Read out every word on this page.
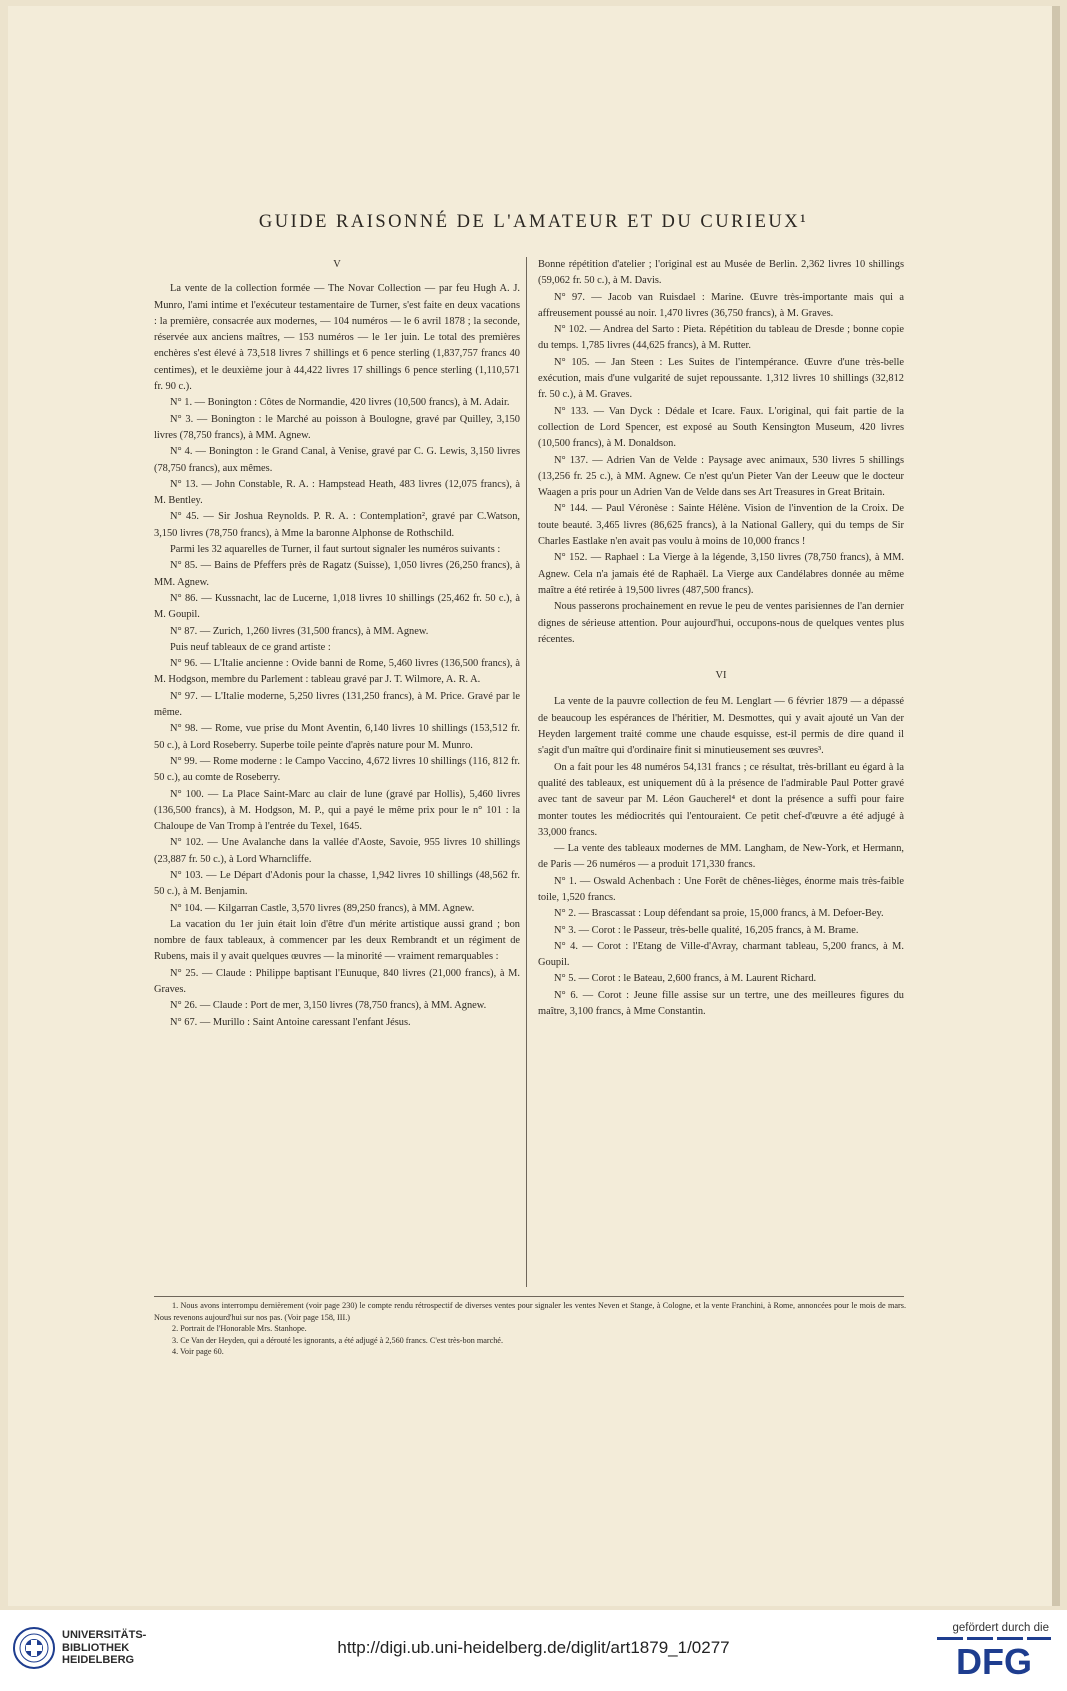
GUIDE RAISONNÉ DE L'AMATEUR ET DU CURIEUX¹

V

La vente de la collection formée — The Novar Collection — par feu Hugh A. J. Munro, l'ami intime et l'exécuteur testamentaire de Turner, s'est faite en deux vacations : la première, consacrée aux modernes, — 104 numéros — le 6 avril 1878 ; la seconde, réservée aux anciens maîtres, — 153 numéros — le 1er juin. Le total des premières enchères s'est élevé à 73,518 livres 7 shillings et 6 pence sterling (1,837,757 francs 40 centimes), et le deuxième jour à 44,422 livres 17 shillings 6 pence sterling (1,110,571 fr. 90 c.).

N° 1. — Bonington : Côtes de Normandie, 420 livres (10,500 francs), à M. Adair.

N° 3. — Bonington : le Marché au poisson à Boulogne, gravé par Quilley, 3,150 livres (78,750 francs), à MM. Agnew.

N° 4. — Bonington : le Grand Canal, à Venise, gravé par C. G. Lewis, 3,150 livres (78,750 francs), aux mêmes.

N° 13. — John Constable, R. A. : Hampstead Heath, 483 livres (12,075 francs), à M. Bentley.

N° 45. — Sir Joshua Reynolds. P. R. A. : Contemplation², gravé par C.Watson, 3,150 livres (78,750 francs), à Mme la baronne Alphonse de Rothschild.

Parmi les 32 aquarelles de Turner, il faut surtout signaler les numéros suivants :

N° 85. — Bains de Pfeffers près de Ragatz (Suisse), 1,050 livres (26,250 francs), à MM. Agnew.

N° 86. — Kussnacht, lac de Lucerne, 1,018 livres 10 shillings (25,462 fr. 50 c.), à M. Goupil.

N° 87. — Zurich, 1,260 livres (31,500 francs), à MM. Agnew.

Puis neuf tableaux de ce grand artiste :

N° 96. — L'Italie ancienne : Ovide banni de Rome, 5,460 livres (136,500 francs), à M. Hodgson, membre du Parlement : tableau gravé par J. T. Wilmore, A. R. A.

N° 97. — L'Italie moderne, 5,250 livres (131,250 francs), à M. Price. Gravé par le même.

N° 98. — Rome, vue prise du Mont Aventin, 6,140 livres 10 shillings (153,512 fr. 50 c.), à Lord Roseberry. Superbe toile peinte d'après nature pour M. Munro.

N° 99. — Rome moderne : le Campo Vaccino, 4,672 livres 10 shillings (116, 812 fr. 50 c.), au comte de Roseberry.

N° 100. — La Place Saint-Marc au clair de lune (gravé par Hollis), 5,460 livres (136,500 francs), à M. Hodgson, M. P., qui a payé le même prix pour le n° 101 : la Chaloupe de Van Tromp à l'entrée du Texel, 1645.

N° 102. — Une Avalanche dans la vallée d'Aoste, Savoie, 955 livres 10 shillings (23,887 fr. 50 c.), à Lord Wharncliffe.

N° 103. — Le Départ d'Adonis pour la chasse, 1,942 livres 10 shillings (48,562 fr. 50 c.), à M. Benjamin.

N° 104. — Kilgarran Castle, 3,570 livres (89,250 francs), à MM. Agnew.

La vacation du 1er juin était loin d'être d'un mérite artistique aussi grand ; bon nombre de faux tableaux, à commencer par les deux Rembrandt et un régiment de Rubens, mais il y avait quelques œuvres — la minorité — vraiment remarquables :

N° 25. — Claude : Philippe baptisant l'Eunuque, 840 livres (21,000 francs), à M. Graves.

N° 26. — Claude : Port de mer, 3,150 livres (78,750 francs), à MM. Agnew.

N° 67. — Murillo : Saint Antoine caressant l'enfant Jésus.

Bonne répétition d'atelier ; l'original est au Musée de Berlin. 2,362 livres 10 shillings (59,062 fr. 50 c.), à M. Davis.

N° 97. — Jacob van Ruisdael : Marine. Œuvre très-importante mais qui a affreusement poussé au noir. 1,470 livres (36,750 francs), à M. Graves.

N° 102. — Andrea del Sarto : Pieta. Répétition du tableau de Dresde ; bonne copie du temps. 1,785 livres (44,625 francs), à M. Rutter.

N° 105. — Jan Steen : Les Suites de l'intempérance. Œuvre d'une très-belle exécution, mais d'une vulgarité de sujet repoussante. 1,312 livres 10 shillings (32,812 fr. 50 c.), à M. Graves.

N° 133. — Van Dyck : Dédale et Icare. Faux. L'original, qui fait partie de la collection de Lord Spencer, est exposé au South Kensington Museum, 420 livres (10,500 francs), à M. Donaldson.

N° 137. — Adrien Van de Velde : Paysage avec animaux, 530 livres 5 shillings (13,256 fr. 25 c.), à MM. Agnew. Ce n'est qu'un Pieter Van der Leeuw que le docteur Waagen a pris pour un Adrien Van de Velde dans ses Art Treasures in Great Britain.

N° 144. — Paul Véronèse : Sainte Hélène. Vision de l'invention de la Croix. De toute beauté. 3,465 livres (86,625 francs), à la National Gallery, qui du temps de Sir Charles Eastlake n'en avait pas voulu à moins de 10,000 francs !

N° 152. — Raphael : La Vierge à la légende, 3,150 livres (78,750 francs), à MM. Agnew. Cela n'a jamais été de Raphaël. La Vierge aux Candélabres donnée au même maître a été retirée à 19,500 livres (487,500 francs).

Nous passerons prochainement en revue le peu de ventes parisiennes de l'an dernier dignes de sérieuse attention. Pour aujourd'hui, occupons-nous de quelques ventes plus récentes.

VI

La vente de la pauvre collection de feu M. Lenglart — 6 février 1879 — a dépassé de beaucoup les espérances de l'héritier, M. Desmottes, qui y avait ajouté un Van der Heyden largement traité comme une chaude esquisse, est-il permis de dire quand il s'agit d'un maître qui d'ordinaire finit si minutieusement ses œuvres³.

On a fait pour les 48 numéros 54,131 francs ; ce résultat, très-brillant eu égard à la qualité des tableaux, est uniquement dû à la présence de l'admirable Paul Potter gravé avec tant de saveur par M. Léon Gaucherel⁴ et dont la présence a suffi pour faire monter toutes les médiocrités qui l'entouraient. Ce petit chef-d'œuvre a été adjugé à 33,000 francs.

— La vente des tableaux modernes de MM. Langham, de New-York, et Hermann, de Paris — 26 numéros — a produit 171,330 francs.

N° 1. — Oswald Achenbach : Une Forêt de chênes-lièges, énorme mais très-faible toile, 1,520 francs.

N° 2. — Brascassat : Loup défendant sa proie, 15,000 francs, à M. Defoer-Bey.

N° 3. — Corot : le Passeur, très-belle qualité, 16,205 francs, à M. Brame.

N° 4. — Corot : l'Etang de Ville-d'Avray, charmant tableau, 5,200 francs, à M. Goupil.

N° 5. — Corot : le Bateau, 2,600 francs, à M. Laurent Richard.

N° 6. — Corot : Jeune fille assise sur un tertre, une des meilleures figures du maître, 3,100 francs, à Mme Constantin.

1. Nous avons interrompu dernièrement (voir page 230) le compte rendu rétrospectif de diverses ventes pour signaler les ventes Neven et Stange, à Cologne, et la vente Franchini, à Rome, annoncées pour le mois de mars. Nous revenons aujourd'hui sur nos pas. (Voir page 158, III.)

2. Portrait de l'Honorable Mrs. Stanhope.

3. Ce Van der Heyden, qui a dérouté les ignorants, a été adjugé à 2,560 francs. C'est très-bon marché.

4. Voir page 60.

UNIVERSITÄTS-
BIBLIOTHEK
HEIDELBERG
http://digi.ub.uni-heidelberg.de/diglit/art1879_1/0277
gefördert durch die
DFG
